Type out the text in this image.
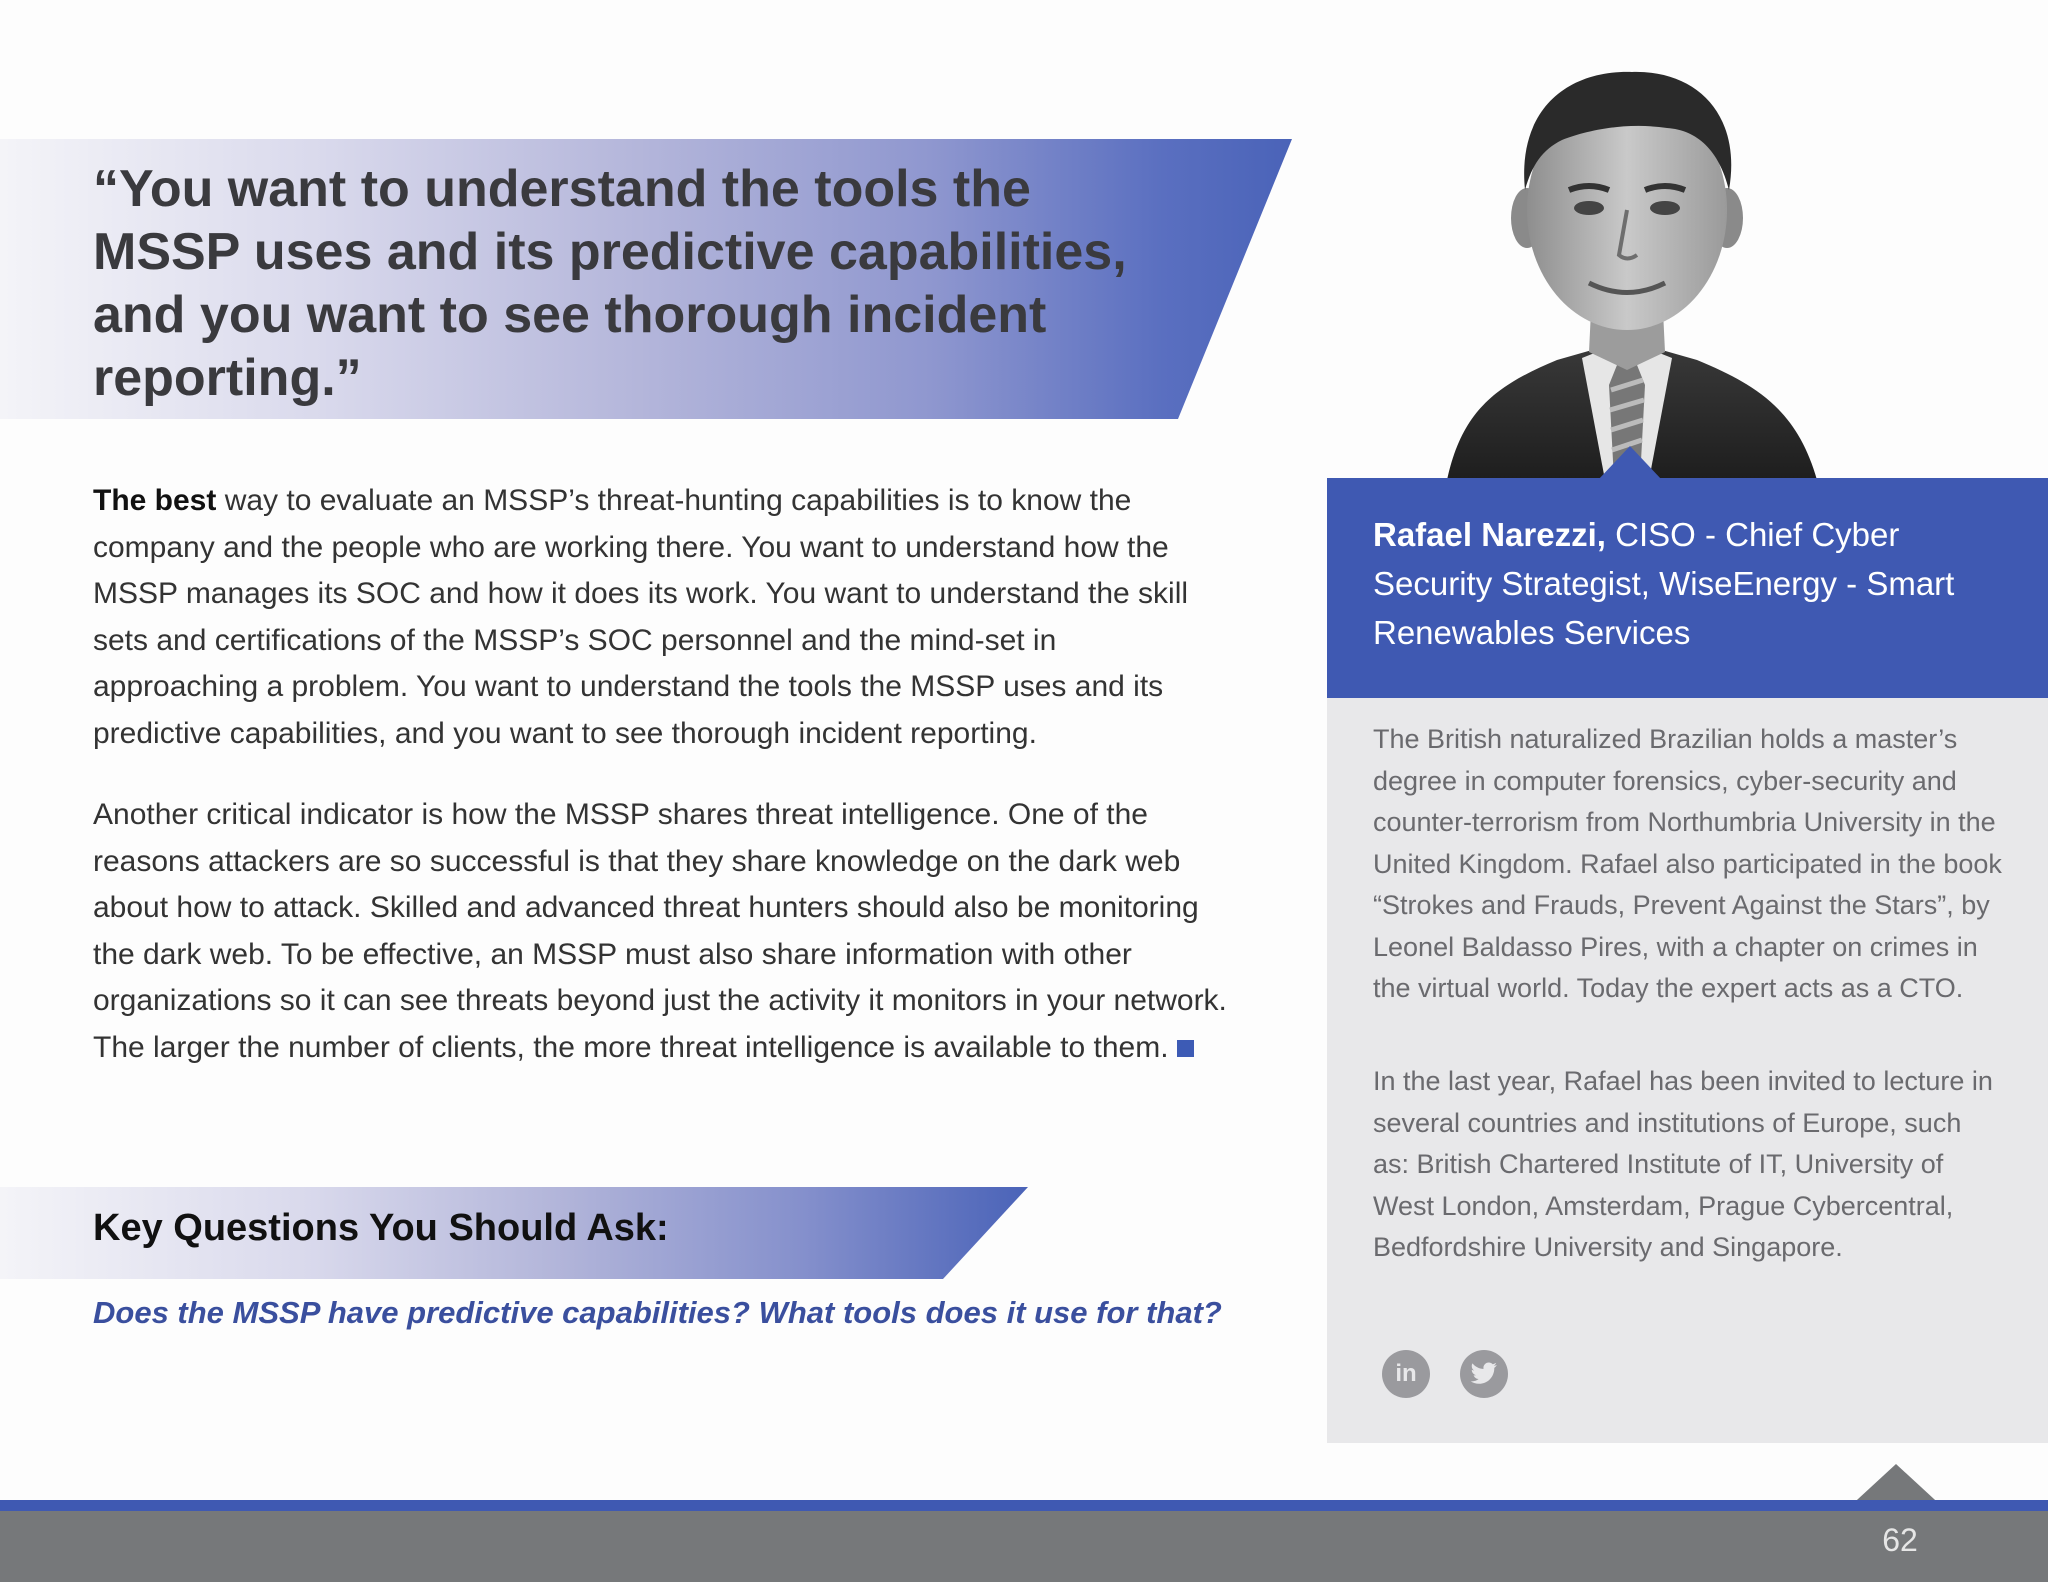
“You want to understand the tools the MSSP uses and its predictive capabilities, and you want to see thorough incident reporting.”

The best way to evaluate an MSSP’s threat-hunting capabilities is to know the company and the people who are working there. You want to understand how the MSSP manages its SOC and how it does its work. You want to understand the skill sets and certifications of the MSSP’s SOC personnel and the mind-set in approaching a problem. You want to understand the tools the MSSP uses and its predictive capabilities, and you want to see thorough incident reporting.

Another critical indicator is how the MSSP shares threat intelligence. One of the reasons attackers are so successful is that they share knowledge on the dark web about how to attack. Skilled and advanced threat hunters should also be monitoring the dark web. To be effective, an MSSP must also share information with other organizations so it can see threats beyond just the activity it monitors in your network. The larger the number of clients, the more threat intelligence is available to them.

Key Questions You Should Ask:
Does the MSSP have predictive capabilities? What tools does it use for that?
Rafael Narezzi, CISO - Chief Cyber Security Strategist, WiseEnergy - Smart Renewables Services

The British naturalized Brazilian holds a master’s degree in computer forensics, cyber-security and counter-terrorism from Northumbria University in the United Kingdom. Rafael also participated in the book “Strokes and Frauds, Prevent Against the Stars”, by Leonel Baldasso Pires, with a chapter on crimes in the virtual world. Today the expert acts as a CTO.

In the last year, Rafael has been invited to lecture in several countries and institutions of Europe, such as: British Chartered Institute of IT, University of West London, Amsterdam, Prague Cybercentral, Bedfordshire University and Singapore.

in
62
